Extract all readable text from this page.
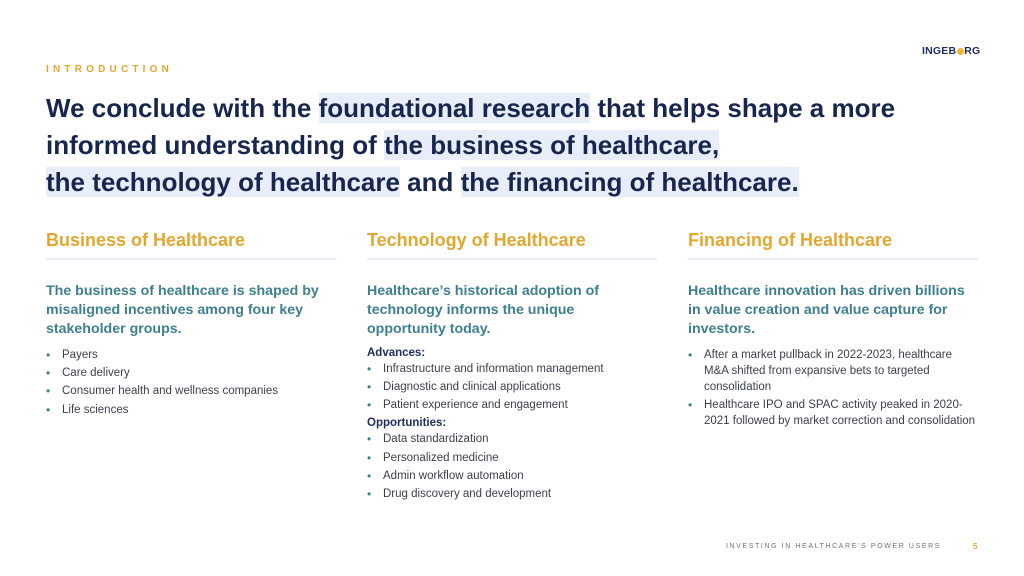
INTRODUCTION
INGEB RG
We conclude with the foundational research that helps shape a more informed understanding of the business of healthcare,
the technology of healthcare and the financing of healthcare.
Business of Healthcare
The business of healthcare is shaped by misaligned incentives among four key stakeholder groups.
• Payers
• Care delivery
• Consumer health and wellness companies
• Life sciences
Technology of Healthcare
Healthcare’s historical adoption of technology informs the unique opportunity today.
Advances:
• Infrastructure and information management
• Diagnostic and clinical applications
• Patient experience and engagement
Opportunities:
• Data standardization
• Personalized medicine
• Admin workflow automation
• Drug discovery and development
Financing of Healthcare
Healthcare innovation has driven billions in value creation and value capture for investors.
• After a market pullback in 2022-2023, healthcare M&A shifted from expansive bets to targeted consolidation
• Healthcare IPO and SPAC activity peaked in 2020-2021 followed by market correction and consolidation
INVESTING IN HEALTHCARE’S POWER USERS	5
